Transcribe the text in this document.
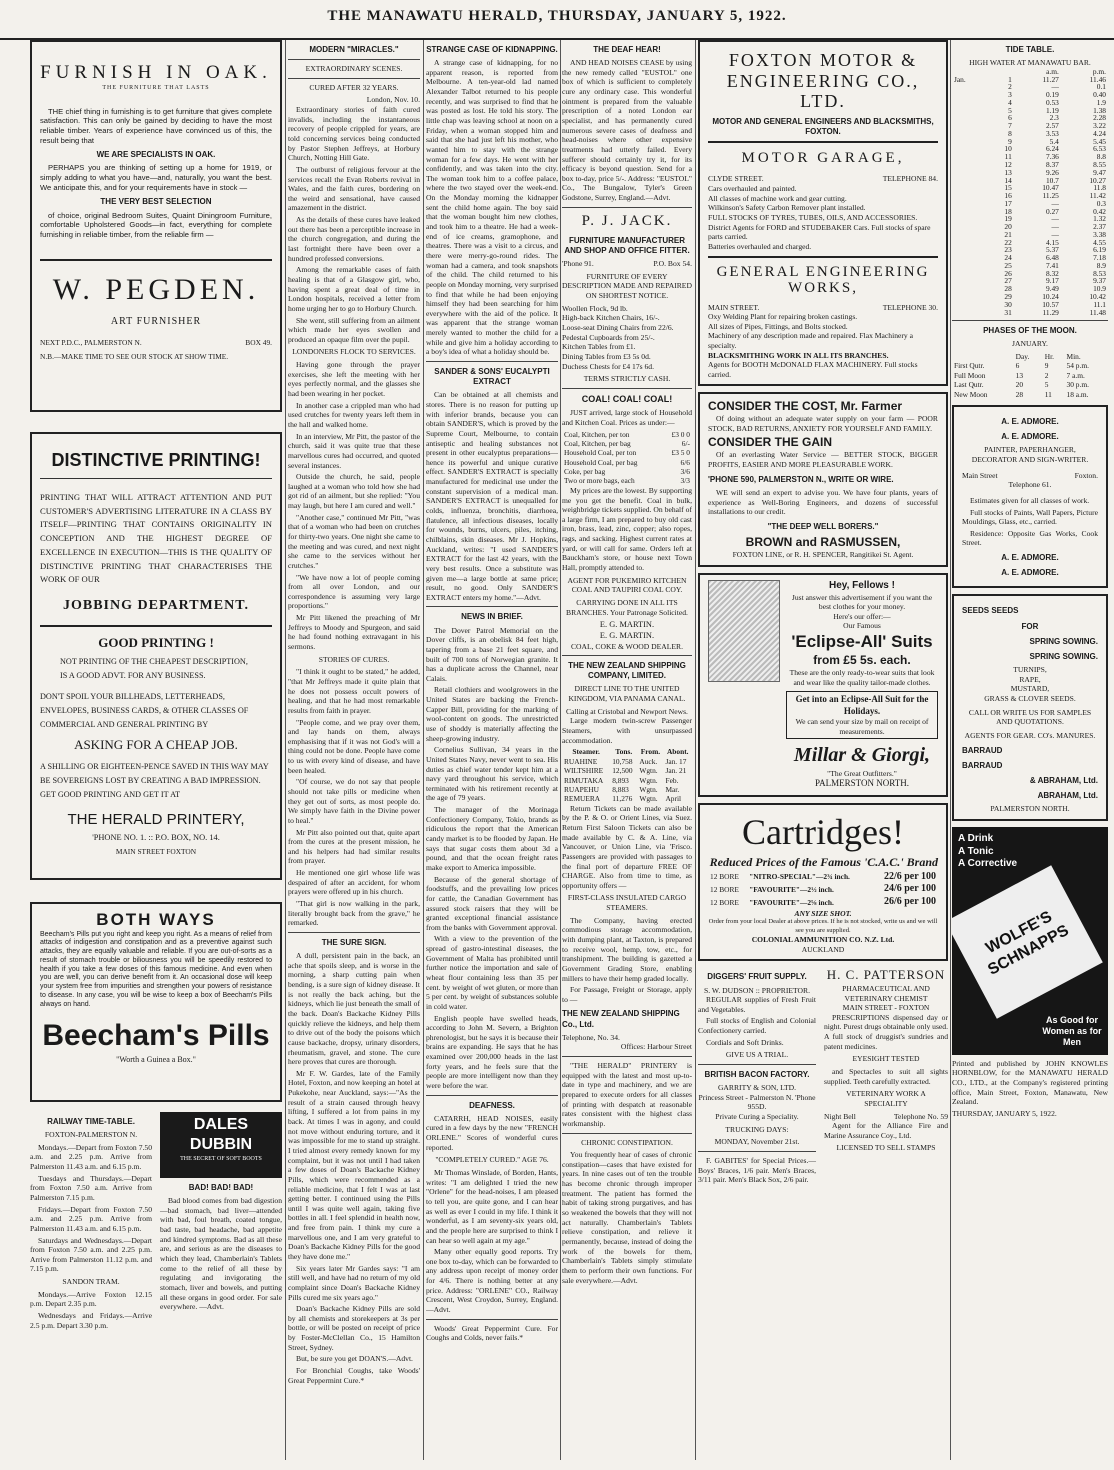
THE MANAWATU HERALD, THURSDAY, JANUARY 5, 1922.
FURNISH IN OAK.
THE FURNITURE THAT LASTS

THE chief thing in furnishing is to get furniture that gives complete satisfaction. This can only be gained by deciding to have the most reliable timber. Years of experience have convinced us of this, the result being that

WE ARE SPECIALISTS IN OAK.

PERHAPS you are thinking of setting up a home for 1919, or simply adding to what you have—and, naturally, you want the best. We anticipate this, and for your requirements have in stock —

THE VERY BEST SELECTION

of choice, original Bedroom Suites, Quaint Diningroom Furniture, comfortable Upholstered Goods—in fact, everything for complete furnishing in reliable timber, from the reliable firm —

W. PEGDEN.
ART FURNISHER
NEXT P.D.C., PALMERSTON N.	BOX 49.
N.B.—MAKE TIME TO SEE OUR STOCK AT SHOW TIME.
DISTINCTIVE PRINTING!
PRINTING THAT WILL ATTRACT ATTENTION AND PUT CUSTOMER'S ADVERTISING LITERATURE IN A CLASS BY ITSELF—PRINTING THAT CONTAINS ORIGINALITY IN CONCEPTION AND THE HIGHEST DEGREE OF EXCELLENCE IN EXECUTION—THIS IS THE QUALITY OF DISTINCTIVE PRINTING THAT CHARACTERISES THE WORK OF OUR
JOBBING DEPARTMENT.
GOOD PRINTING !
NOT PRINTING OF THE CHEAPEST DESCRIPTION, IS A GOOD ADVT. FOR ANY BUSINESS.
DON'T SPOIL YOUR BILLHEADS, LETTERHEADS, ENVELOPES, BUSINESS CARDS, & OTHER CLASSES OF COMMERCIAL AND GENERAL PRINTING BY
ASKING FOR A CHEAP JOB.
A SHILLING OR EIGHTEEN-PENCE SAVED IN THIS WAY MAY BE SOVEREIGNS LOST BY CREATING A BAD IMPRESSION. GET GOOD PRINTING AND GET IT AT
THE HERALD PRINTERY,
'PHONE NO. 1. :: P.O. BOX, NO. 14.
MAIN STREET FOXTON
BOTH WAYS
Beecham's Pills put you right and keep you right. As a means of relief from attacks of indigestion and constipation and as a preventive against such attacks, they are equally valuable and reliable. If you are out-of-sorts as a result of stomach trouble or biliousness you will be speedily restored to health if you take a few doses of this famous medicine. And even when you are well, you can derive benefit from it. An occasional dose will keep your system free from impurities and strengthen your powers of resistance to disease. In any case, you will be wise to keep a box of Beecham's Pills always on hand.
Beecham's Pills
"Worth a Guinea a Box."
RAILWAY TIME-TABLE.
FOXTON-PALMERSTON N.

Mondays.—Depart from Foxton 7.50 a.m. and 2.25 p.m. Arrive from Palmerston 11.43 a.m. and 6.15 p.m.

Tuesdays and Thursdays.—Depart from Foxton 7.50 a.m. Arrive from Palmerston 7.15 p.m.

Fridays.—Depart from Foxton 7.50 a.m. and 2.25 p.m. Arrive from Palmerston 11.43 a.m. and 6.15 p.m.

Saturdays and Wednesdays.—Depart from Foxton 7.50 a.m. and 2.25 p.m. Arrive from Palmerston 11.12 p.m. and 7.15 p.m.

SANDON TRAM.

Mondays.—Arrive Foxton 12.15 p.m. Depart 2.35 p.m.

Wednesdays and Fridays.—Arrive 2.5 p.m. Depart 3.30 p.m.

DALES DUBBIN
THE SECRET OF SOFT BOOTS
BAD! BAD! BAD!

Bad blood comes from bad digestion—bad stomach, bad liver—attended with bad, foul breath, coated tongue, bad taste, bad headache, bad appetite and kindred symptoms. Bad as all these are, and serious as are the diseases to which they lead, Chamberlain's Tablets come to the relief of all these by regulating and invigorating the stomach, liver and bowels, and putting all these organs in good order. For sale everywhere. —Advt.

MODERN "MIRACLES."
EXTRAORDINARY SCENES.
CURED AFTER 32 YEARS.
London, Nov. 10.

Extraordinary stories of faith cured invalids, including the instantaneous recovery of people crippled for years, are told concerning services being conducted by Pastor Stephen Jeffreys, at Horbury Church, Notting Hill Gate.

The outburst of religious fervour at the services recall the Evan Roberts revival in Wales, and the faith cures, bordering on the weird and sensational, have caused amazement in the district.

As the details of these cures have leaked out there has been a perceptible increase in the church congregation, and during the last fortnight there have been over a hundred professed conversions.

Among the remarkable cases of faith healing is that of a Glasgow girl, who, having spent a great deal of time in London hospitals, received a letter from home urging her to go to Horbury Church.

She went, still suffering from an ailment which made her eyes swollen and produced an opaque film over the pupil.

LONDONERS FLOCK TO SERVICES.

Having gone through the prayer exercises, she left the meeting with her eyes perfectly normal, and the glasses she had been wearing in her pocket.

In another case a crippled man who had used crutches for twenty years left them in the hall and walked home.

In an interview, Mr Pitt, the pastor of the church, said it was quite true that these marvellous cures had occurred, and quoted several instances.

Outside the church, he said, people laughed at a woman who told how she had got rid of an ailment, but she replied: "You may laugh, but here I am cured and well."

"Another case," continued Mr Pitt, "was that of a woman who had been on crutches for thirty-two years. One night she came to the meeting and was cured, and next night she came to the services without her crutches."

"We have now a lot of people coming from all over London, and our correspondence is assuming very large proportions."

Mr Pitt likened the preaching of Mr Jeffreys to Moody and Spurgeon, and said he had found nothing extravagant in his sermons.

STORIES OF CURES.

"I think it ought to be stated," he added, "that Mr Jeffreys made it quite plain that he does not possess occult powers of healing, and that he had most remarkable results from faith in prayer.

"People come, and we pray over them, and lay hands on them, always emphasising that if it was not God's will a thing could not be done. People have come to us with every kind of disease, and have been healed.

"Of course, we do not say that people should not take pills or medicine when they get out of sorts, as most people do. We simply have faith in the Divine power to heal."

Mr Pitt also pointed out that, quite apart from the cures at the present mission, he and his helpers had had similar results from prayer.

He mentioned one girl whose life was despaired of after an accident, for whom prayers were offered up in his church.

"That girl is now walking in the park, literally brought back from the grave," he remarked.

THE SURE SIGN.

A dull, persistent pain in the back, an ache that spoils sleep, and is worse in the morning, a sharp cutting pain when bending, is a sure sign of kidney disease. It is not really the back aching, but the kidneys, which lie just beneath the small of the back. Doan's Backache Kidney Pills quickly relieve the kidneys, and help them to drive out of the body the poisons which cause backache, dropsy, urinary disorders, rheumatism, gravel, and stone. The cure here proves that cures are thorough.

Mr F. W. Gardes, late of the Family Hotel, Foxton, and now keeping an hotel at Pukekohe, near Auckland, says:—"As the result of a strain caused through heavy lifting, I suffered a lot from pains in my back. At times I was in agony, and could not move without enduring torture, and it was impossible for me to stand up straight. I tried almost every remedy known for my complaint, but it was not until I had taken a few doses of Doan's Backache Kidney Pills, which were recommended as a reliable medicine, that I felt I was at last getting better. I continued using the Pills until I was quite well again, taking five bottles in all. I feel splendid in health now, and free from pain. I think my cure a marvellous one, and I am very grateful to Doan's Backache Kidney Pills for the good they have done me."

Six years later Mr Gardes says: "I am still well, and have had no return of my old complaint since Doan's Backache Kidney Pills cured me six years ago."

Doan's Backache Kidney Pills are sold by all chemists and storekeepers at 3s per bottle, or will be posted on receipt of price by Foster-McClellan Co., 15 Hamilton Street, Sydney.

But, be sure you get DOAN'S.—Advt.

For Bronchial Coughs, take Woods' Great Peppermint Cure.*

STRANGE CASE OF KIDNAPPING.

A strange case of kidnapping, for no apparent reason, is reported from Melbourne. A ten-year-old lad named Alexander Talbot returned to his people recently, and was surprised to find that he was posted as lost. He told his story. The little chap was leaving school at noon on a Friday, when a woman stopped him and said that she had just left his mother, who wanted him to stay with the strange woman for a few days. He went with her confidently, and was taken into the city. The woman took him to a coffee palace, where the two stayed over the week-end. On the Monday morning the kidnapper sent the child home again. The boy said that the woman bought him new clothes, and took him to a theatre. He had a week-end of ice creams, gramophone, and theatres. There was a visit to a circus, and there were merry-go-round rides. The woman had a camera, and took snapshots of the child. The child returned to his people on Monday morning, very surprised to find that while he had been enjoying himself they had been searching for him everywhere with the aid of the police. It was apparent that the strange woman merely wanted to mother the child for a while and give him a holiday according to a boy's idea of what a holiday should be.

SANDER & SONS' EUCALYPTI EXTRACT

Can be obtained at all chemists and stores. There is no reason for putting up with inferior brands, because you can obtain SANDER'S, which is proved by the Supreme Court, Melbourne, to contain antiseptic and healing substances not present in other eucalyptus preparations—hence its powerful and unique curative effect. SANDER'S EXTRACT is specially manufactured for medicinal use under the constant supervision of a medical man. SANDER'S EXTRACT is unequalled for colds, influenza, bronchitis, diarrhoea, flatulence, all infectious diseases, locally for wounds, burns, ulcers, piles, itching, chilblains, skin diseases. Mr J. Hopkins, Auckland, writes: "I used SANDER'S EXTRACT for the last 42 years, with the very best results. Once a substitute was given me—a large bottle at same price; result, no good. Only SANDER'S EXTRACT enters my home."—Advt.

NEWS IN BRIEF.

The Dover Patrol Memorial on the Dover cliffs, is an obelisk 84 feet high, tapering from a base 21 feet square, and built of 700 tons of Norwegian granite. It has a duplicate across the Channel, near Calais.

Retail clothiers and woolgrowers in the United States are backing the French-Capper Bill, providing for the marking of wool-content on goods. The unrestricted use of shoddy is materially affecting the sheep-growing industry.

Cornelius Sullivan, 34 years in the United States Navy, never went to sea. His duties as chief water tender kept him at a navy yard throughout his service, which terminated with his retirement recently at the age of 79 years.

The manager of the Morinaga Confectionery Company, Tokio, brands as ridiculous the report that the American candy market is to be flooded by Japan. He says that sugar costs them about 3d a pound, and that the ocean freight rates make export to America impossible.

Because of the general shortage of foodstuffs, and the prevailing low prices for cattle, the Canadian Government has assured stock raisers that they will be granted exceptional financial assistance from the banks with Government approval.

With a view to the prevention of the spread of gastro-intestinal diseases, the Government of Malta has prohibited until further notice the importation and sale of wheat flour containing less than 35 per cent. by weight of wet gluten, or more than 5 per cent. by weight of substances soluble in cold water.

English people have swelled heads, according to John M. Severn, a Brighton phrenologist, but he says it is because their brains are expanding. He says that he has examined over 200,000 heads in the last forty years, and he feels sure that the people are more intelligent now than they were before the war.

DEAFNESS.

CATARRH, HEAD NOISES, easily cured in a few days by the new "FRENCH ORLENE." Scores of wonderful cures reported.

"COMPLETELY CURED." AGE 76.

Mr Thomas Winslade, of Borden, Hants, writes: "I am delighted I tried the new "Orlene" for the head-noises, I am pleased to tell you, are quite gone, and I can hear as well as ever I could in my life. I think it wonderful, as I am seventy-six years old, and the people here are surprised to think I can hear so well again at my age."

Many other equally good reports. Try one box to-day, which can be forwarded to any address upon receipt of money order for 4/6. There is nothing better at any price. Address: "ORLENE" CO., Railway Crescent, West Croydon, Surrey, England.—Advt.

Woods' Great Peppermint Cure. For Coughs and Colds, never fails.*

THE DEAF HEAR!

AND HEAD NOISES CEASE by using the new remedy called "EUSTOL" one box of which is sufficient to completely cure any ordinary case. This wonderful ointment is prepared from the valuable prescription of a noted London ear specialist, and has permanently cured numerous severe cases of deafness and head-noises where other expensive treatments had utterly failed. Every sufferer should certainly try it, for its efficacy is beyond question. Send for a box to-day, price 5/-. Address: "EUSTOL" Co., The Bungalow, Tyler's Green Godstone, Surrey, England.—Advt.

P. J. JACK.
FURNITURE MANUFACTURER AND SHOP AND OFFICE FITTER.
'Phone 91.	P.O. Box 54.
FURNITURE OF EVERY DESCRIPTION MADE AND REPAIRED ON SHORTEST NOTICE.
Woollen Flock, 9d lb.
High-back Kitchen Chairs, 16/-.
Loose-seat Dining Chairs from 22/6.
Pedestal Cupboards from 25/-.
Kitchen Tables from £1.
Dining Tables from £3 5s 0d.
Duchess Chests for £4 17s 6d.
TERMS STRICTLY CASH.
COAL! COAL! COAL!

JUST arrived, large stock of Household and Kitchen Coal. Prices as under:—

Coal, Kitchen, per ton	£3 0 0
Coal, Kitchen, per bag	6/-
Household Coal, per ton	£3 5 0
Household Coal, per bag	6/6
Coke, per bag	3/6
Two or more bags, each	3/3

My prices are the lowest. By supporting me you get the benefit. Coal in bulk, weighbridge tickets supplied. On behalf of a large firm, I am prepared to buy old cast iron, brass, lead, zinc, copper; also ropes, rags, and sacking. Highest current rates at yard, or will call for same. Orders left at Bauckham's store, or house next Town Hall, promptly attended to.

AGENT FOR PUKEMIRO KITCHEN COAL AND TAUPIRI COAL COY.
CARRYING DONE IN ALL ITS BRANCHES. Your Patronage Solicited.
E. G. MARTIN.
E. G. MARTIN.
COAL, COKE & WOOD DEALER.
THE NEW ZEALAND SHIPPING COMPANY, LIMITED.
DIRECT LINE TO THE UNITED KINGDOM, VIA PANAMA CANAL.
Calling at Cristobal and Newport News.

Large modern twin-screw Passenger Steamers, with unsurpassed accommodation.

Steamer.	Tons.	From.	Abont.
RUAHINE	10,758	Auck.	Jan. 17
WILTSHIRE	12,500	Wgtn.	Jan. 21
RIMUTAKA	8,893	Wgtn.	Feb.
RUAPEHU	8,883	Wgtn.	Mar.
REMUERA	11,276	Wgtn.	April

Return Tickets can be made available by the P. & O. or Orient Lines, via Suez. Return First Saloon Tickets can also be made available by C. & A. Line, via Vancouver, or Union Line, via 'Frisco. Passengers are provided with passages to the final port of departure FREE OF CHARGE. Also from time to time, as opportunity offers —

FIRST-CLASS INSULATED CARGO STEAMERS.

The Company, having erected commodious storage accommodation, with dumping plant, at Taxton, is prepared to receive wool, hemp, tow, etc., for transhipment. The building is gazetted a Government Grading Store, enabling millers to have their hemp graded locally.

For Passage, Freight or Storage, apply to —

THE NEW ZEALAND SHIPPING Co., Ltd.
Telephone, No. 34.
Offices: Harbour Street

"THE HERALD" PRINTERY is equipped with the latest and most up-to-date in type and machinery, and we are prepared to execute orders for all classes of printing with despatch at reasonable rates consistent with the highest class workmanship.

CHRONIC CONSTIPATION.

You frequently hear of cases of chronic constipation—cases that have existed for years. In nine cases out of ten the trouble has become chronic through improper treatment. The patient has formed the habit of taking strong purgatives, and has so weakened the bowels that they will not act naturally. Chamberlain's Tablets relieve constipation, and relieve it permanently, because, instead of doing the work of the bowels for them, Chamberlain's Tablets simply stimulate them to perform their own functions. For sale everywhere.—Advt.

FOXTON MOTOR & ENGINEERING CO., LTD.
MOTOR AND GENERAL ENGINEERS AND BLACKSMITHS, FOXTON.
MOTOR GARAGE,
CLYDE STREET.	TELEPHONE 84.
Cars overhauled and painted.
All classes of machine work and gear cutting.
Wilkinson's Safety Carbon Remover plant installed.
FULL STOCKS OF TYRES, TUBES, OILS, AND ACCESSORIES.
District Agents for FORD and STUDEBAKER Cars. Full stocks of spare parts carried.
Batteries overhauled and charged.
GENERAL ENGINEERING WORKS,
MAIN STREET.	TELEPHONE 30.
Oxy Welding Plant for repairing broken castings.
All sizes of Pipes, Fittings, and Bolts stocked.
Machinery of any description made and repaired. Flax Machinery a specialty.
BLACKSMITHING WORK IN ALL ITS BRANCHES.
Agents for BOOTH McDONALD FLAX MACHINERY. Full stocks carried.
CONSIDER THE COST, Mr. Farmer

Of doing without an adequate water supply on your farm — POOR STOCK, BAD RETURNS, ANXIETY FOR YOURSELF AND FAMILY.

CONSIDER THE GAIN

Of an everlasting Water Service — BETTER STOCK, BIGGER PROFITS, EASIER AND MORE PLEASURABLE WORK.

'PHONE 590, PALMERSTON N., WRITE OR WIRE.

WE will send an expert to advise you. We have four plants, years of experience as Well-Boring Engineers, and dozens of successful installations to our credit.

"THE DEEP WELL BORERS."
BROWN and RASMUSSEN,
FOXTON LINE, or R. H. SPENCER, Rangitikei St. Agent.
Hey, Fellows !
Just answer this advertisement if you want the best clothes for your money.
Here's our offer:—
Our Famous
'Eclipse-All' Suits
from £5 5s. each.
These are the only ready-to-wear suits that look and wear like the quality tailor-made clothes.
Get into an Eclipse-All Suit for the Holidays.
We can send your size by mail on receipt of measurements.
Millar & Giorgi,
"The Great Outfitters."
PALMERSTON NORTH.
Cartridges!
Reduced Prices of the Famous 'C.A.C.' Brand
12 BORE	"NITRO-SPECIAL"—2¾ inch.	22/6 per 100
12 BORE	"FAVOURITE"—2½ inch.	24/6 per 100
12 BORE	"FAVOURITE"—2⅝ inch.	26/6 per 100
ANY SIZE SHOT.
Order from your local Dealer at above prices. If he is not stocked, write us and we will see you are supplied.
COLONIAL AMMUNITION CO. N.Z. Ltd.
AUCKLAND
DIGGERS' FRUIT SUPPLY.
S. W. DUDSON :: PROPRIETOR.

REGULAR supplies of Fresh Fruit and Vegetables.

Full stocks of English and Colonial Confectionery carried.

Cordials and Soft Drinks.

GIVE US A TRIAL.
BRITISH BACON FACTORY.
GARRITY & SON, LTD.
Princess Street - Palmerston N. 'Phone 955D.
Private Curing a Speciality.
TRUCKING DAYS:
MONDAY, November 21st.

F. GABITES' for Special Prices.—Boys' Braces, 1/6 pair. Men's Braces, 3/11 pair. Men's Black Sox, 2/6 pair.

H. C. PATTERSON
PHARMACEUTICAL AND
VETERINARY CHEMIST
MAIN STREET - FOXTON

PRESCRIPTIONS dispensed day or night. Purest drugs obtainable only used. A full stock of druggist's sundries and patent medicines.

EYESIGHT TESTED

and Spectacles to suit all sights supplied. Teeth carefully extracted.

VETERINARY WORK A SPECIALITY
Night Bell	Telephone No. 59

Agent for the Alliance Fire and Marine Assurance Coy., Ltd.

LICENSED TO SELL STAMPS
TIDE TABLE.
HIGH WATER AT MANAWATU BAR.
		a.m.	p.m.
Jan.	1	11.27	11.46
	2	—	0.1
	3	0.19	0.40
	4	0.53	1.9
	5	1.19	1.38
	6	2.3	2.28
	7	2.57	3.22
	8	3.53	4.24
	9	5.4	5.45
	10	6.24	6.53
	11	7.36	8.8
	12	8.37	8.55
	13	9.26	9.47
	14	10.7	10.27
	15	10.47	11.8
	16	11.25	11.42
	17	—	0.3
	18	0.27	0.42
	19	—	1.32
	20	—	2.37
	21	—	3.38
	22	4.15	4.55
	23	5.37	6.19
	24	6.48	7.18
	25	7.41	8.9
	26	8.32	8.53
	27	9.17	9.37
	28	9.49	10.9
	29	10.24	10.42
	30	10.57	11.1
	31	11.29	11.48
PHASES OF THE MOON.
JANUARY.
	Day.	Hr.	Min.
First Qutr.	6	9	54 p.m.
Full Moon	13	2	7 a.m.
Last Qutr.	20	5	30 p.m.
New Moon	28	11	18 a.m.
A. E. ADMORE.
A. E. ADMORE.
PAINTER, PAPERHANGER, DECORATOR AND SIGN-WRITER.
Main Street	Foxton.
Telephone 61.

Estimates given for all classes of work.

Full stocks of Paints, Wall Papers, Picture Mouldings, Glass, etc., carried.

Residence: Opposite Gas Works, Cook Street.

A. E. ADMORE.
A. E. ADMORE.
SEEDS SEEDS
FOR
SPRING SOWING.
SPRING SOWING.
TURNIPS,
RAPE,
MUSTARD,
GRASS & CLOVER SEEDS.
CALL OR WRITE US FOR SAMPLES AND QUOTATIONS.
AGENTS FOR GEAR. CO's. MANURES.
BARRAUD
BARRAUD
& ABRAHAM, Ltd.
ABRAHAM, Ltd.
PALMERSTON NORTH.
A Drink
A Tonic
A Corrective
WOLFE'S SCHNAPPS
As Good for Women as for Men

Printed and published by JOHN KNOWLES HORNBLOW, for the MANAWATU HERALD CO., LTD., at the Company's registered printing office, Main Street, Foxton, Manawatu, New Zealand.

THURSDAY, JANUARY 5, 1922.
